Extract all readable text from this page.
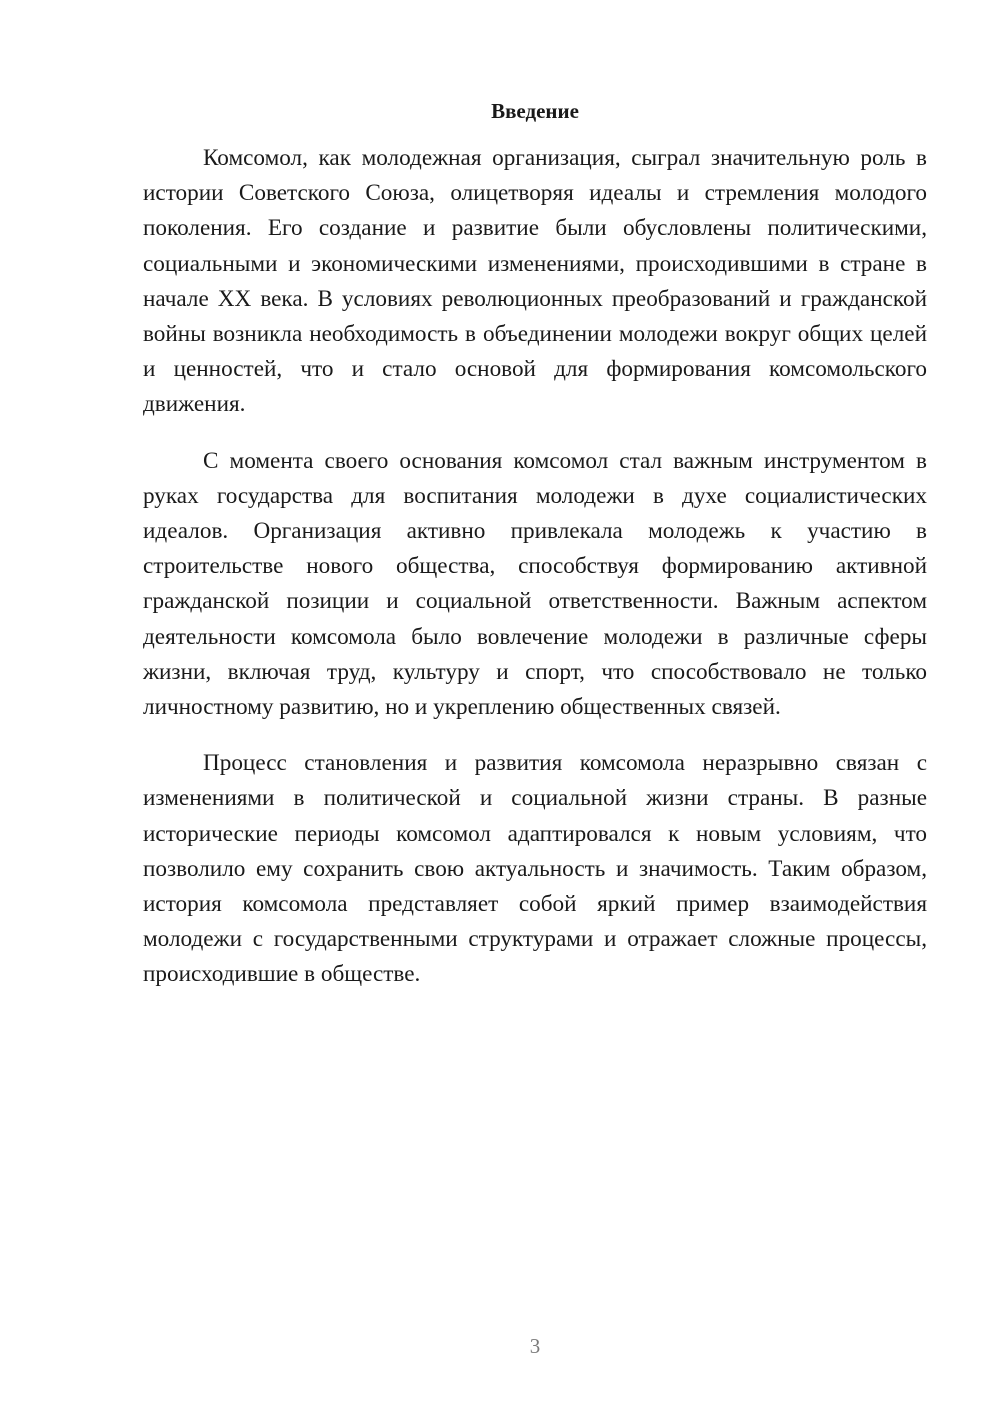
Введение

Комсомол, как молодежная организация, сыграл значительную роль в истории Советского Союза, олицетворяя идеалы и стремления молодого поколения. Его создание и развитие были обусловлены политическими, социальными и экономическими изменениями, происходившими в стране в начале XX века. В условиях революционных преобразований и гражданской войны возникла необходимость в объединении молодежи вокруг общих целей и ценностей, что и стало основой для формирования комсомольского движения.

С момента своего основания комсомол стал важным инструментом в руках государства для воспитания молодежи в духе социалистических идеалов. Организация активно привлекала молодежь к участию в строительстве нового общества, способствуя формированию активной гражданской позиции и социальной ответственности. Важным аспектом деятельности комсомола было вовлечение молодежи в различные сферы жизни, включая труд, культуру и спорт, что способствовало не только личностному развитию, но и укреплению общественных связей.

Процесс становления и развития комсомола неразрывно связан с изменениями в политической и социальной жизни страны. В разные исторические периоды комсомол адаптировался к новым условиям, что позволило ему сохранить свою актуальность и значимость. Таким образом, история комсомола представляет собой яркий пример взаимодействия молодежи с государственными структурами и отражает сложные процессы, происходившие в обществе.

3
